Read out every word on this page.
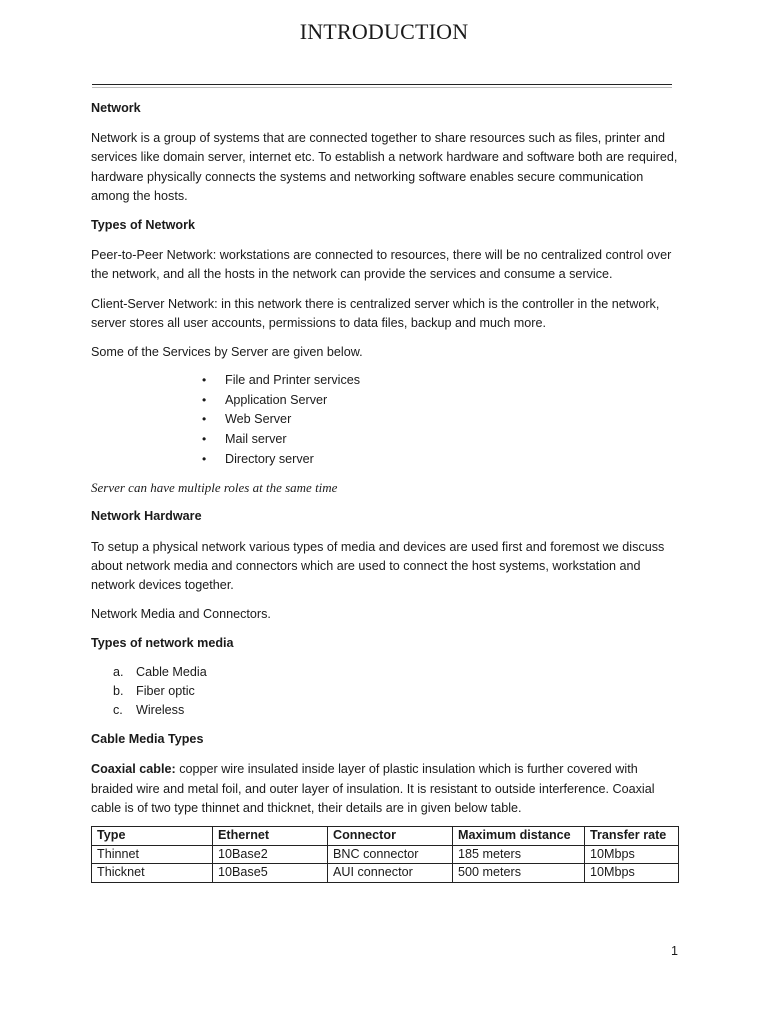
INTRODUCTION
Network

Network is a group of systems that are connected together to share resources such as files, printer and services like domain server, internet etc. To establish a network hardware and software both are required, hardware physically connects the systems and networking software enables secure communication among the hosts.

Types of Network

Peer-to-Peer Network: workstations are connected to resources, there will be no centralized control over the network, and all the hosts in the network can provide the services and consume a service.

Client-Server Network: in this network there is centralized server which is the controller in the network, server stores all user accounts, permissions to data files, backup and much more.

Some of the Services by Server are given below.

• File and Printer services
• Application Server
• Web Server
• Mail server
• Directory server

Server can have multiple roles at the same time

Network Hardware

To setup a physical network various types of media and devices are used first and foremost we discuss about network media and connectors which are used to connect the host systems, workstation and network devices together.

Network Media and Connectors.

Types of network media
a. Cable Media
b. Fiber optic
c. Wireless
Cable Media Types

Coaxial cable: copper wire insulated inside layer of plastic insulation which is further covered with braided wire and metal foil, and outer layer of insulation. It is resistant to outside interference. Coaxial cable is of two type thinnet and thicknet, their details are in given below table.

Type	Ethernet	Connector	Maximum distance	Transfer rate
Thinnet	10Base2	BNC connector	185 meters	10Mbps
Thicknet	10Base5	AUI connector	500 meters	10Mbps
1
